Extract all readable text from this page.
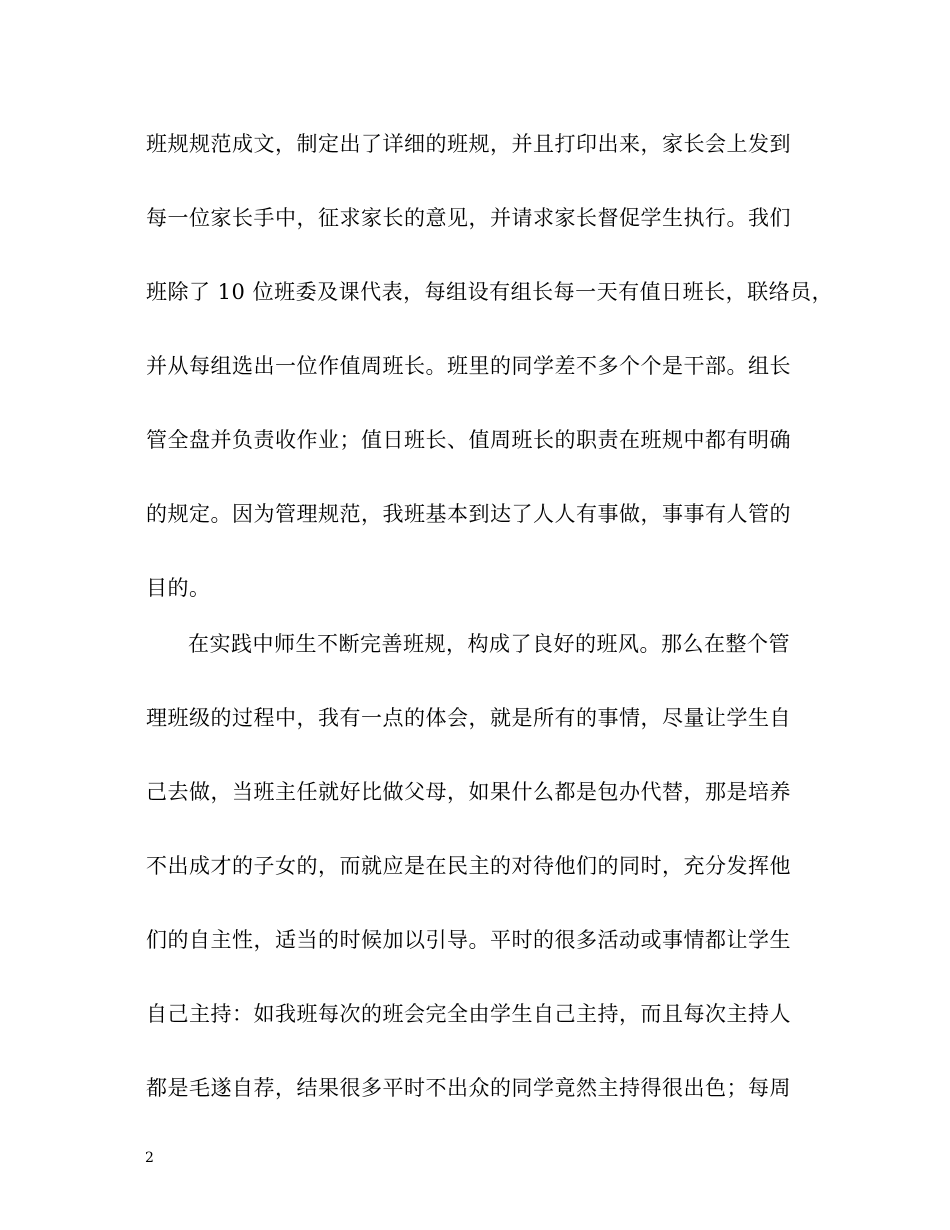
班规规范成文，制定出了详细的班规，并且打印出来，家长会上发到
每一位家长手中，征求家长的意见，并请求家长督促学生执行。我们
班除了 10 位班委及课代表，每组设有组长每一天有值日班长，联络员，
并从每组选出一位作值周班长。班里的同学差不多个个是干部。组长
管全盘并负责收作业；值日班长、值周班长的职责在班规中都有明确
的规定。因为管理规范，我班基本到达了人人有事做，事事有人管的
目的。
在实践中师生不断完善班规，构成了良好的班风。那么在整个管
理班级的过程中，我有一点的体会，就是所有的事情，尽量让学生自
己去做，当班主任就好比做父母，如果什么都是包办代替，那是培养
不出成才的子女的，而就应是在民主的对待他们的同时，充分发挥他
们的自主性，适当的时候加以引导。平时的很多活动或事情都让学生
自己主持：如我班每次的班会完全由学生自己主持，而且每次主持人
都是毛遂自荐，结果很多平时不出众的同学竟然主持得很出色；每周
2
